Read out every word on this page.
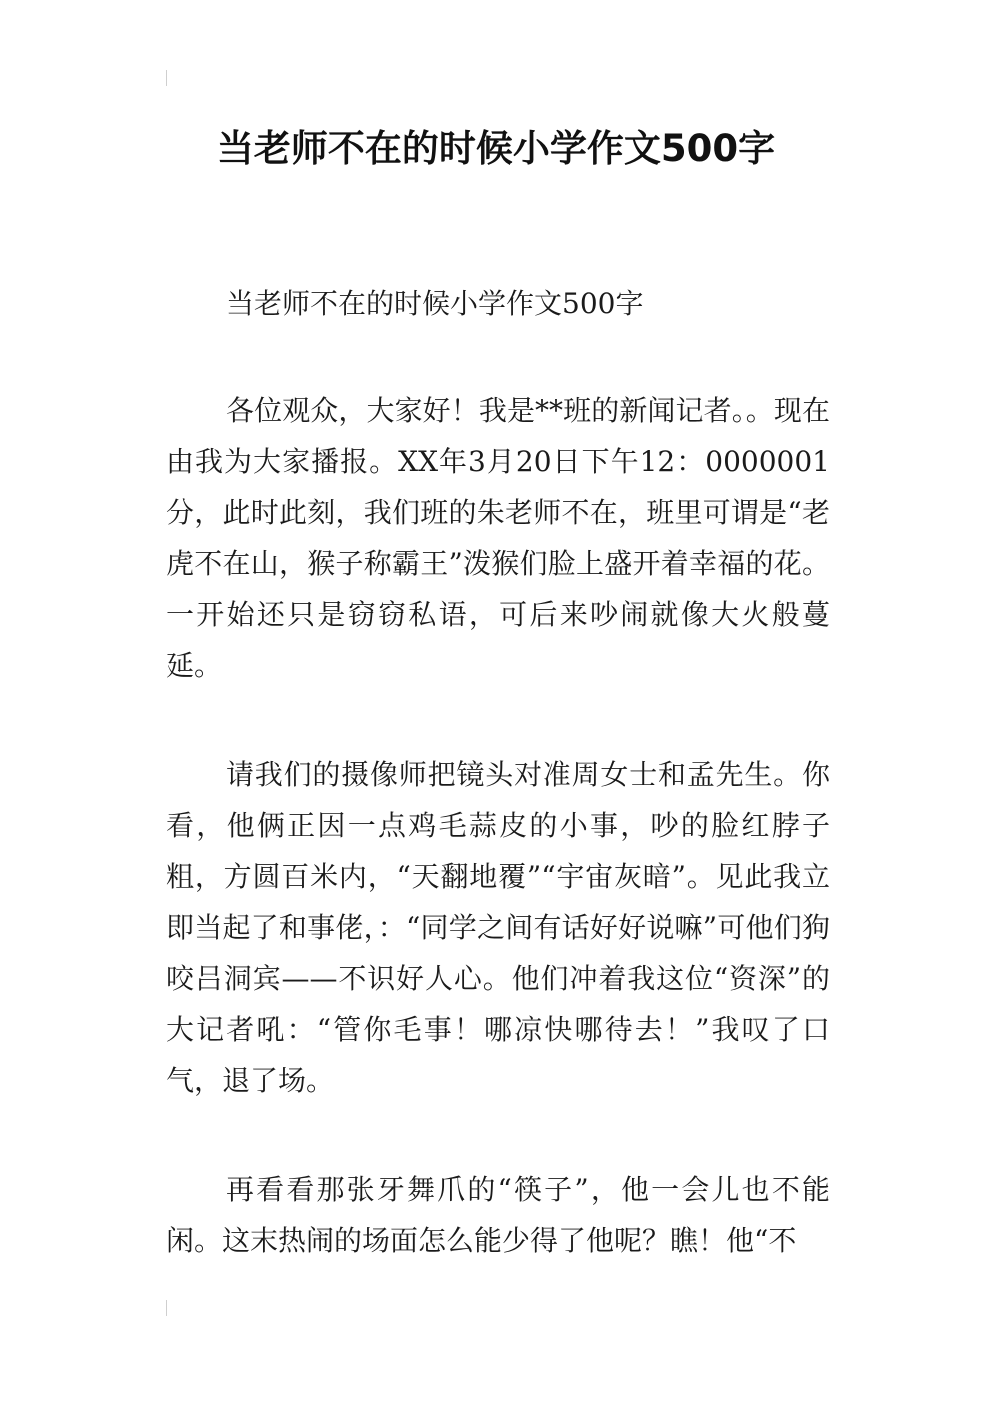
当老师不在的时候小学作文500字

当老师不在的时候小学作文500字

各位观众，大家好！我是**班的新闻记者。。现在由我为大家播报。XX年3月20日下午12：0000001分，此时此刻，我们班的朱老师不在，班里可谓是“老虎不在山，猴子称霸王”泼猴们脸上盛开着幸福的花。一开始还只是窃窃私语，可后来吵闹就像大火般蔓延。

请我们的摄像师把镜头对准周女士和孟先生。你看，他俩正因一点鸡毛蒜皮的小事，吵的脸红脖子粗，方圆百米内，“天翻地覆”“宇宙灰暗”。见此我立即当起了和事佬，：“同学之间有话好好说嘛”可他们狗咬吕洞宾——不识好人心。他们冲着我这位“资深”的大记者吼：“管你毛事！哪凉快哪待去！”我叹了口气，退了场。

再看看那张牙舞爪的“筷子”，他一会儿也不能闲。这末热闹的场面怎么能少得了他呢？瞧！他“不
